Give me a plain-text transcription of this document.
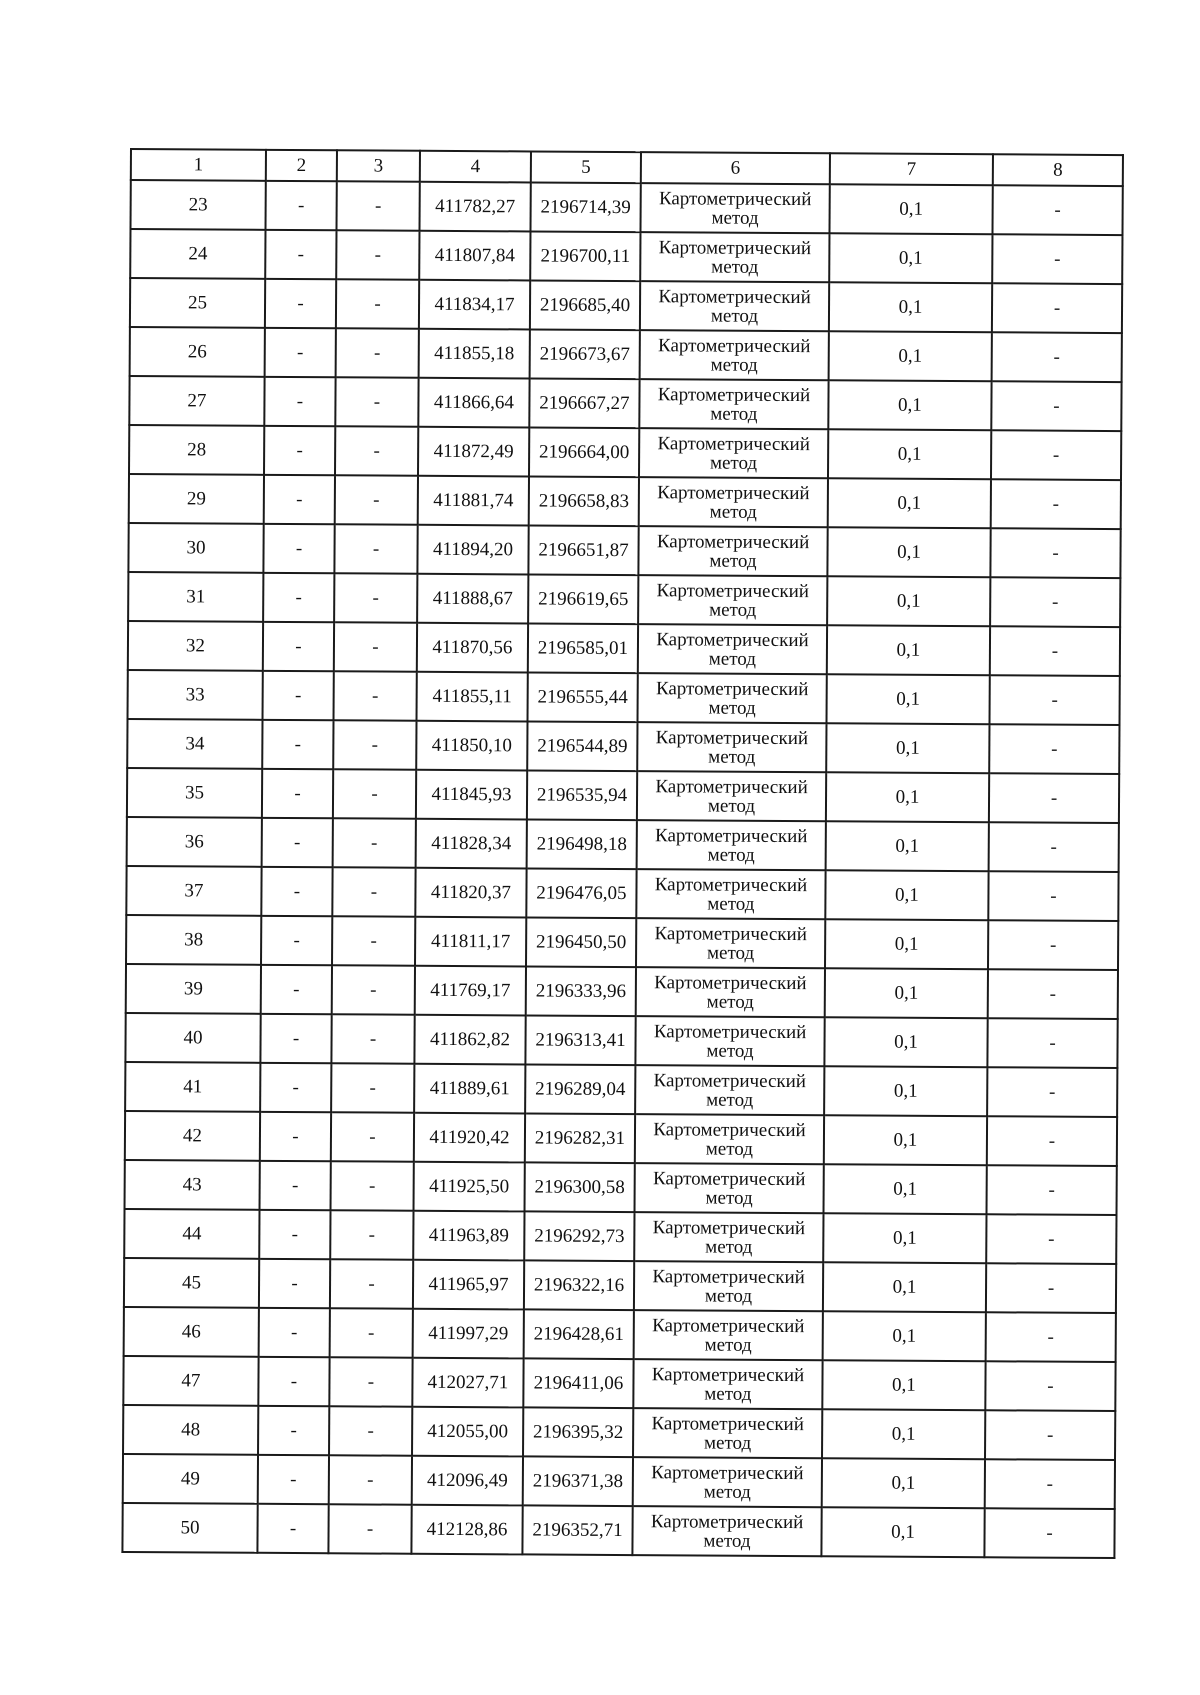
1	2	3	4	5	6	7	8
23	-	-	411782,27	2196714,39	Картометрический
метод	0,1	-
24	-	-	411807,84	2196700,11	Картометрический
метод	0,1	-
25	-	-	411834,17	2196685,40	Картометрический
метод	0,1	-
26	-	-	411855,18	2196673,67	Картометрический
метод	0,1	-
27	-	-	411866,64	2196667,27	Картометрический
метод	0,1	-
28	-	-	411872,49	2196664,00	Картометрический
метод	0,1	-
29	-	-	411881,74	2196658,83	Картометрический
метод	0,1	-
30	-	-	411894,20	2196651,87	Картометрический
метод	0,1	-
31	-	-	411888,67	2196619,65	Картометрический
метод	0,1	-
32	-	-	411870,56	2196585,01	Картометрический
метод	0,1	-
33	-	-	411855,11	2196555,44	Картометрический
метод	0,1	-
34	-	-	411850,10	2196544,89	Картометрический
метод	0,1	-
35	-	-	411845,93	2196535,94	Картометрический
метод	0,1	-
36	-	-	411828,34	2196498,18	Картометрический
метод	0,1	-
37	-	-	411820,37	2196476,05	Картометрический
метод	0,1	-
38	-	-	411811,17	2196450,50	Картометрический
метод	0,1	-
39	-	-	411769,17	2196333,96	Картометрический
метод	0,1	-
40	-	-	411862,82	2196313,41	Картометрический
метод	0,1	-
41	-	-	411889,61	2196289,04	Картометрический
метод	0,1	-
42	-	-	411920,42	2196282,31	Картометрический
метод	0,1	-
43	-	-	411925,50	2196300,58	Картометрический
метод	0,1	-
44	-	-	411963,89	2196292,73	Картометрический
метод	0,1	-
45	-	-	411965,97	2196322,16	Картометрический
метод	0,1	-
46	-	-	411997,29	2196428,61	Картометрический
метод	0,1	-
47	-	-	412027,71	2196411,06	Картометрический
метод	0,1	-
48	-	-	412055,00	2196395,32	Картометрический
метод	0,1	-
49	-	-	412096,49	2196371,38	Картометрический
метод	0,1	-
50	-	-	412128,86	2196352,71	Картометрический
метод	0,1	-
